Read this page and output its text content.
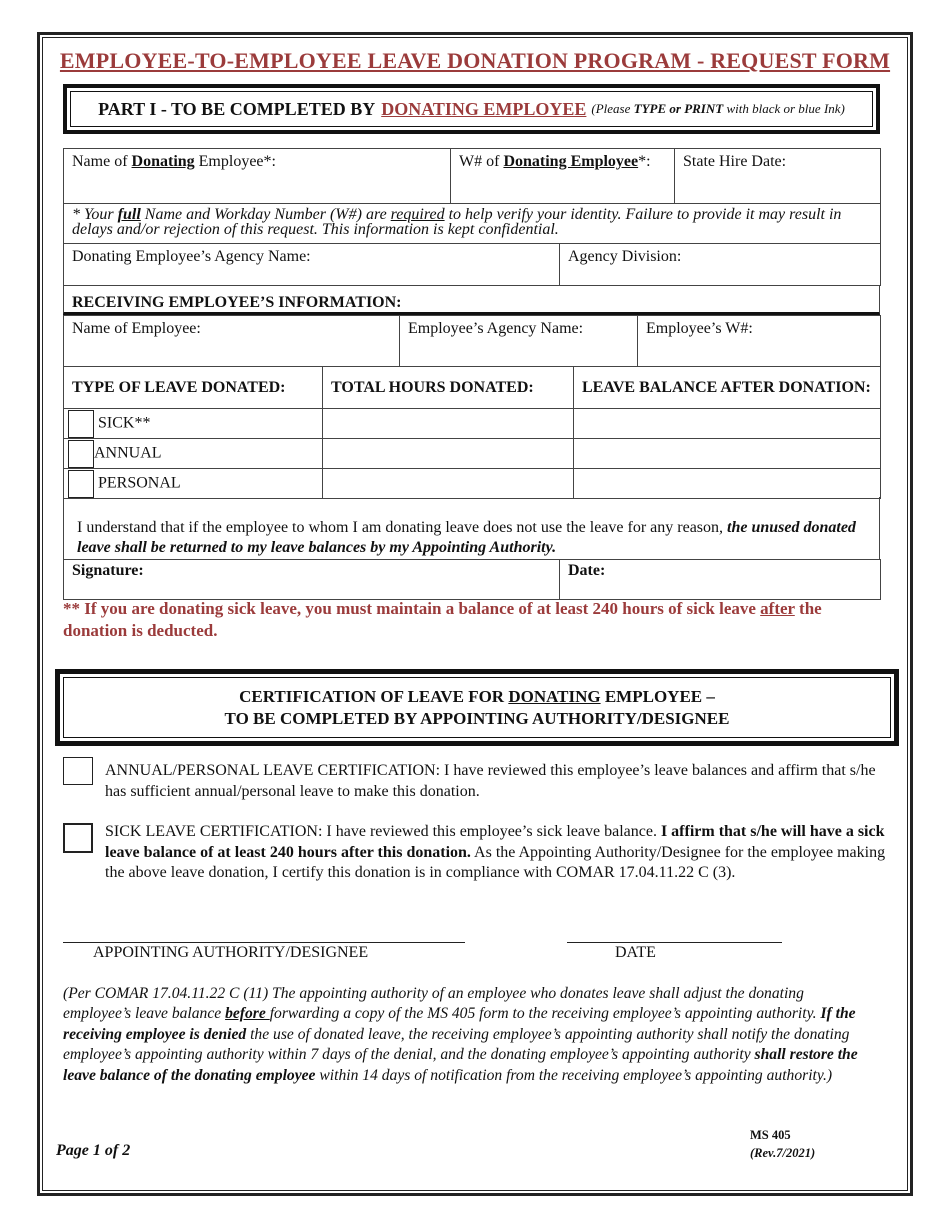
EMPLOYEE-TO-EMPLOYEE LEAVE DONATION PROGRAM - REQUEST FORM
PART I - TO BE COMPLETED BY DONATING EMPLOYEE (Please TYPE or PRINT with black or blue Ink)
Name of Donating Employee*:	W# of Donating Employee*:	State Hire Date:
* Your full Name and Workday Number (W#) are required to help verify your identity. Failure to provide it may result in delays and/or rejection of this request. This information is kept confidential.
Donating Employee’s Agency Name:	Agency Division:
RECEIVING EMPLOYEE’S INFORMATION:
Name of Employee:	Employee’s Agency Name:	Employee’s W#:
TYPE OF LEAVE DONATED:	TOTAL HOURS DONATED:	LEAVE BALANCE AFTER DONATION:
SICK**		
ANNUAL		
PERSONAL		
I understand that if the employee to whom I am donating leave does not use the leave for any reason, the unused donated leave shall be returned to my leave balances by my Appointing Authority.
Signature:	Date:
** If you are donating sick leave, you must maintain a balance of at least 240 hours of sick leave after the donation is deducted.
CERTIFICATION OF LEAVE FOR DONATING EMPLOYEE –
TO BE COMPLETED BY APPOINTING AUTHORITY/DESIGNEE
ANNUAL/PERSONAL LEAVE CERTIFICATION: I have reviewed this employee’s leave balances and affirm that s/he has sufficient annual/personal leave to make this donation.
SICK LEAVE CERTIFICATION: I have reviewed this employee’s sick leave balance. I affirm that s/he will have a sick leave balance of at least 240 hours after this donation. As the Appointing Authority/Designee for the employee making the above leave donation, I certify this donation is in compliance with COMAR 17.04.11.22 C (3).
APPOINTING AUTHORITY/DESIGNEE	DATE
(Per COMAR 17.04.11.22 C (11) The appointing authority of an employee who donates leave shall adjust the donating employee’s leave balance before forwarding a copy of the MS 405 form to the receiving employee’s appointing authority. If the receiving employee is denied the use of donated leave, the receiving employee’s appointing authority shall notify the donating employee’s appointing authority within 7 days of the denial, and the donating employee’s appointing authority shall restore the leave balance of the donating employee within 14 days of notification from the receiving employee’s appointing authority.)
Page 1 of 2
MS 405
(Rev.7/2021)
